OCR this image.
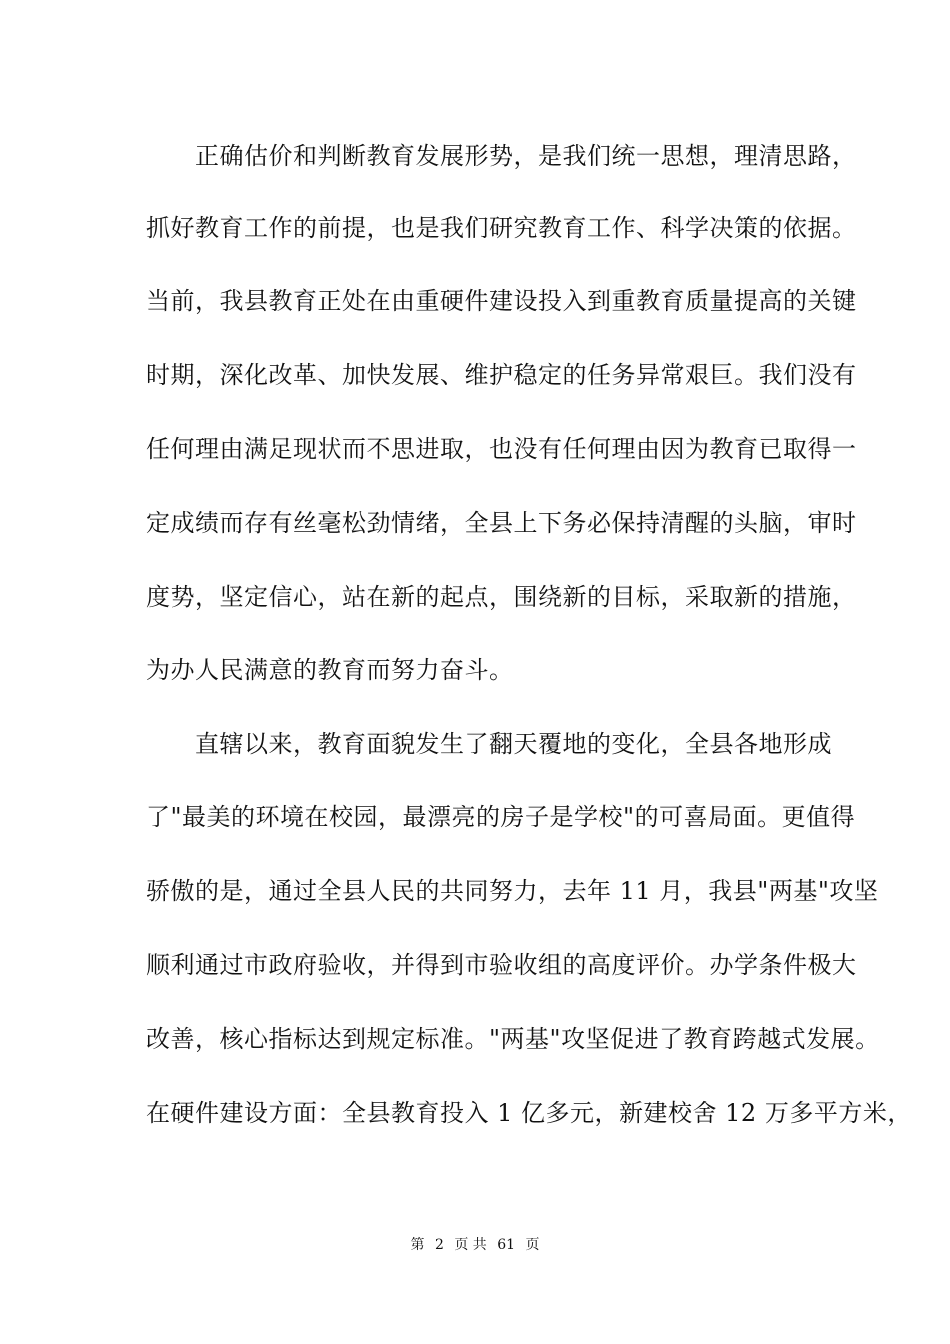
正确估价和判断教育发展形势，是我们统一思想，理清思路，
抓好教育工作的前提，也是我们研究教育工作、科学决策的依据。
当前，我县教育正处在由重硬件建设投入到重教育质量提高的关键
时期，深化改革、加快发展、维护稳定的任务异常艰巨。我们没有
任何理由满足现状而不思进取，也没有任何理由因为教育已取得一
定成绩而存有丝毫松劲情绪，全县上下务必保持清醒的头脑，审时
度势，坚定信心，站在新的起点，围绕新的目标，采取新的措施，
为办人民满意的教育而努力奋斗。
直辖以来，教育面貌发生了翻天覆地的变化，全县各地形成
了"最美的环境在校园，最漂亮的房子是学校"的可喜局面。更值得
骄傲的是，通过全县人民的共同努力，去年 11 月，我县"两基"攻坚
顺利通过市政府验收，并得到市验收组的高度评价。办学条件极大
改善，核心指标达到规定标准。"两基"攻坚促进了教育跨越式发展。
在硬件建设方面：全县教育投入 1 亿多元，新建校舍 12 万多平方米，
第 2 页 共 61 页
